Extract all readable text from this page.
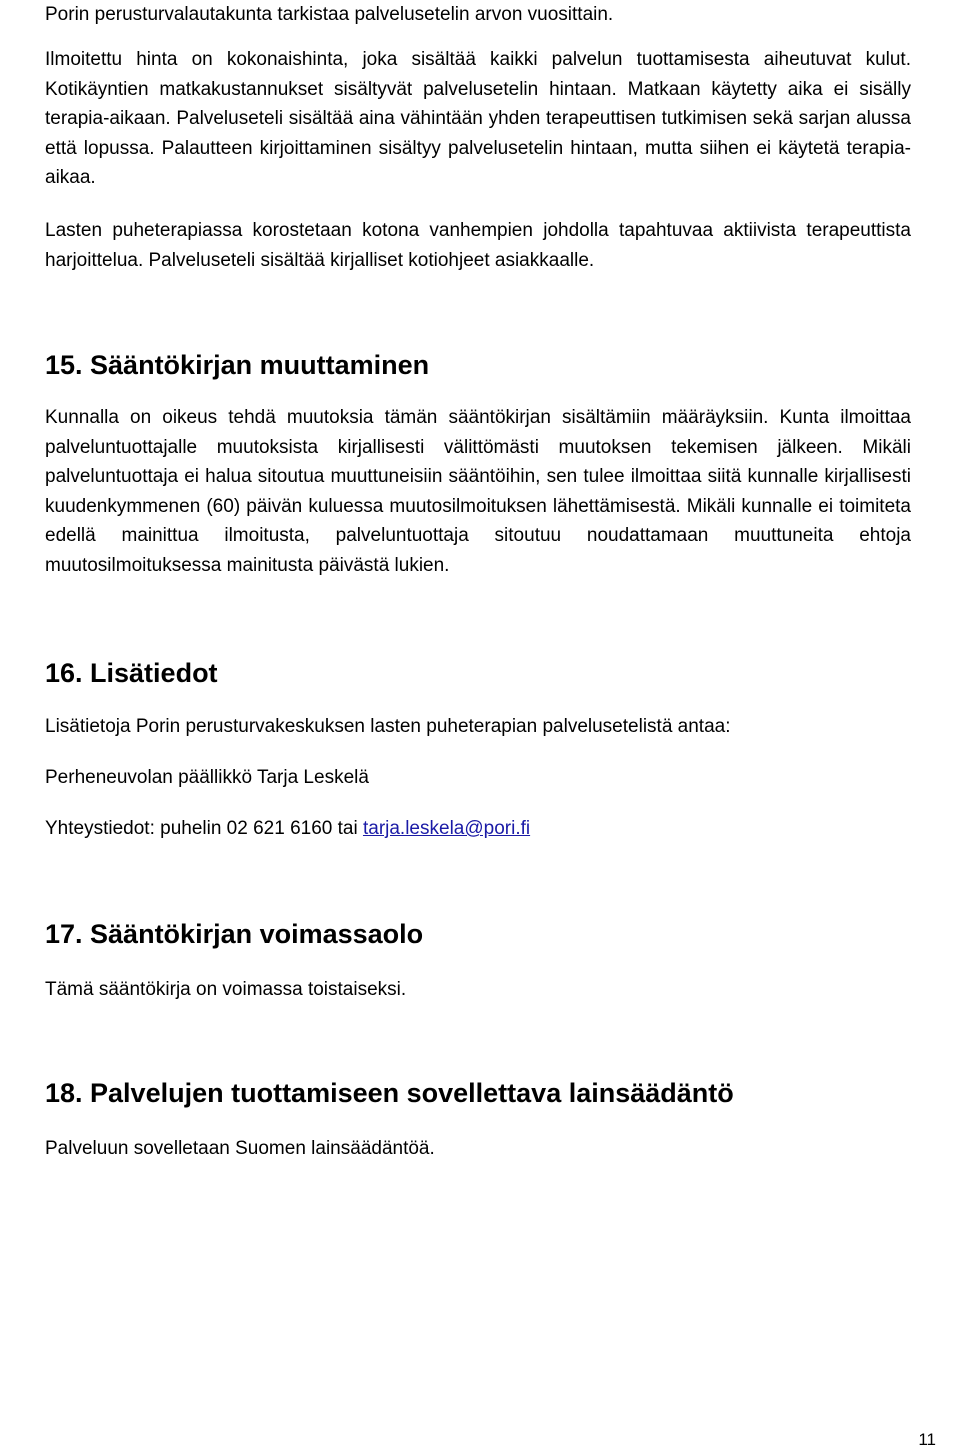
Porin perusturvalautakunta tarkistaa palvelusetelin arvon vuosittain.

Ilmoitettu hinta on kokonaishinta, joka sisältää kaikki palvelun tuottamisesta aiheutuvat kulut. Kotikäyntien matkakustannukset sisältyvät palvelusetelin hintaan. Matkaan käytetty aika ei sisälly terapia-aikaan. Palveluseteli sisältää aina vähintään yhden terapeuttisen tutkimisen sekä sarjan alussa että lopussa. Palautteen kirjoittaminen sisältyy palvelusetelin hintaan, mutta siihen ei käytetä terapia-aikaa.

Lasten puheterapiassa korostetaan kotona vanhempien johdolla tapahtuvaa aktiivista terapeuttista harjoittelua. Palveluseteli sisältää kirjalliset kotiohjeet asiakkaalle.

15. Sääntökirjan muuttaminen

Kunnalla on oikeus tehdä muutoksia tämän sääntökirjan sisältämiin määräyksiin. Kunta ilmoittaa palveluntuottajalle muutoksista kirjallisesti välittömästi muutoksen tekemisen jälkeen. Mikäli palveluntuottaja ei halua sitoutua muuttuneisiin sääntöihin, sen tulee ilmoittaa siitä kunnalle kirjallisesti kuudenkymmenen (60) päivän kuluessa muutosilmoituksen lähettämisestä. Mikäli kunnalle ei toimiteta edellä mainittua ilmoitusta, palveluntuottaja sitoutuu noudattamaan muuttuneita ehtoja muutosilmoituksessa mainitusta päivästä lukien.

16. Lisätiedot

Lisätietoja Porin perusturvakeskuksen lasten puheterapian palvelusetelistä antaa:

Perheneuvolan päällikkö Tarja Leskelä

Yhteystiedot: puhelin 02 621 6160 tai tarja.leskela@pori.fi

17. Sääntökirjan voimassaolo

Tämä sääntökirja on voimassa toistaiseksi.

18. Palvelujen tuottamiseen sovellettava lainsäädäntö

Palveluun sovelletaan Suomen lainsäädäntöä.

11
